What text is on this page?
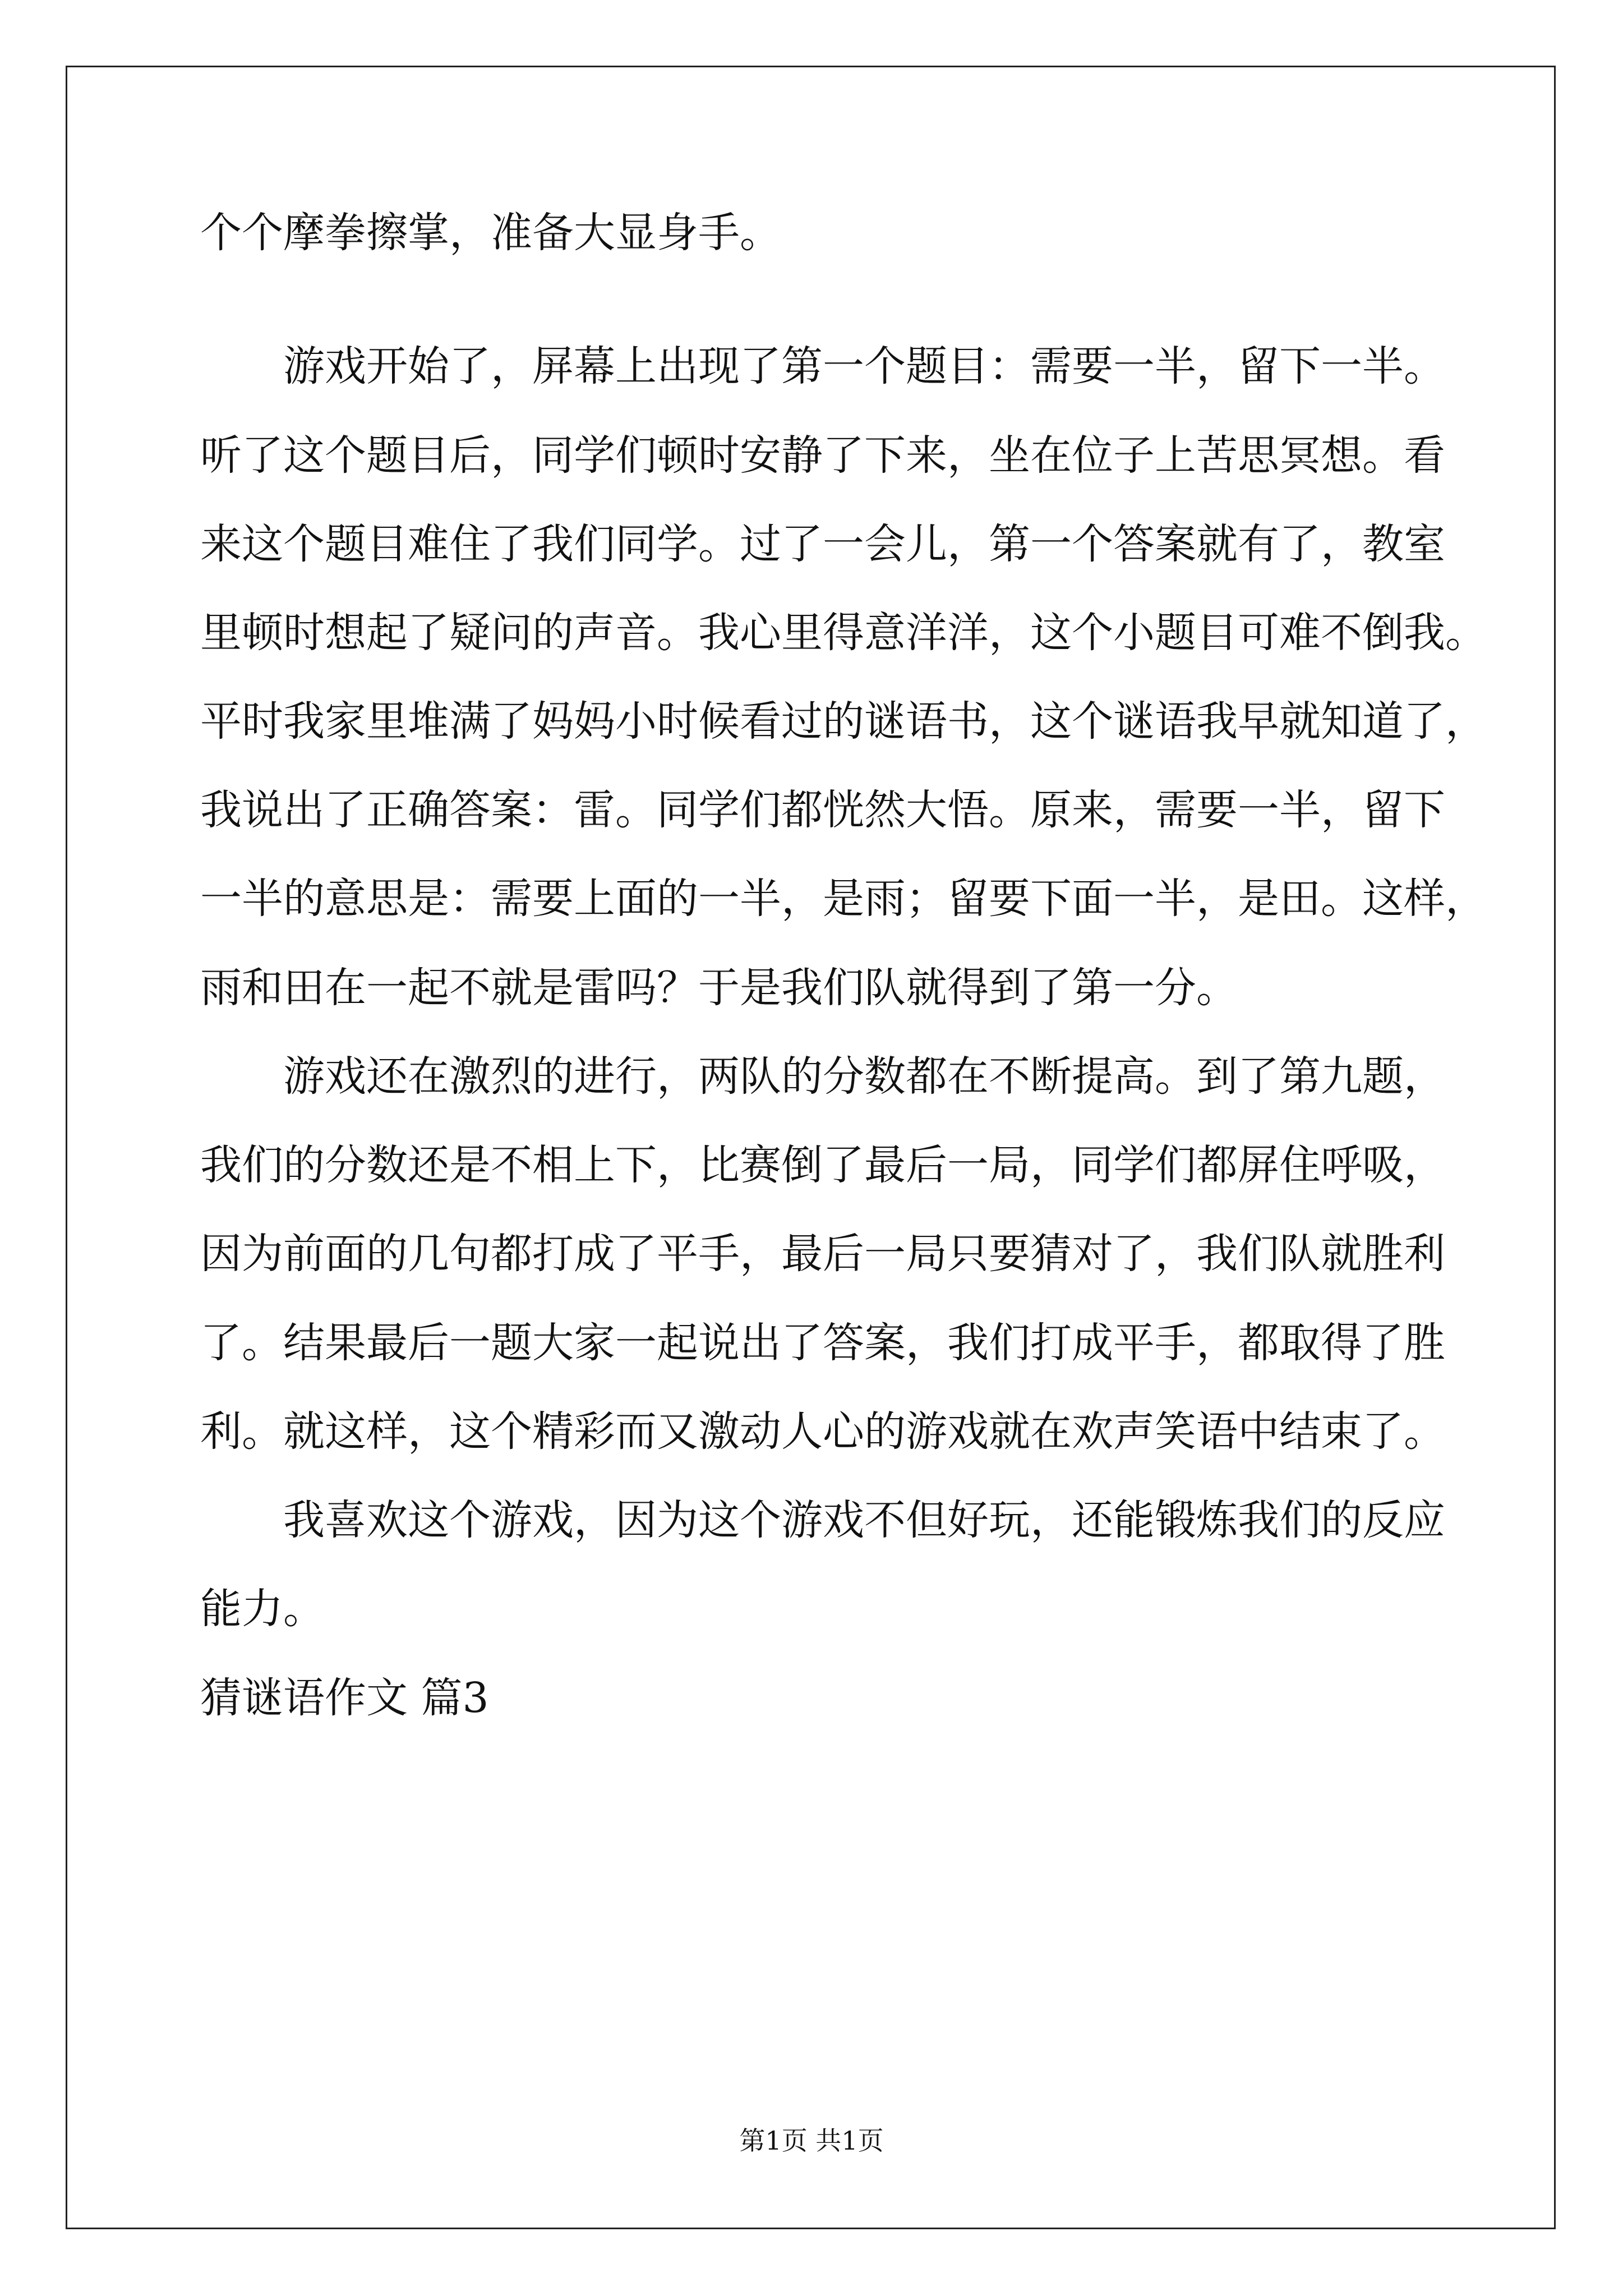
个个摩拳擦掌，准备大显身手。
游戏开始了，屏幕上出现了第一个题目：需要一半，留下一半。
听了这个题目后，同学们顿时安静了下来，坐在位子上苦思冥想。看
来这个题目难住了我们同学。过了一会儿，第一个答案就有了，教室
里顿时想起了疑问的声音。我心里得意洋洋，这个小题目可难不倒我。
平时我家里堆满了妈妈小时候看过的谜语书，这个谜语我早就知道了，
我说出了正确答案：雷。同学们都恍然大悟。原来，需要一半，留下
一半的意思是：需要上面的一半，是雨；留要下面一半，是田。这样，
雨和田在一起不就是雷吗？于是我们队就得到了第一分。
游戏还在激烈的进行，两队的分数都在不断提高。到了第九题，
我们的分数还是不相上下，比赛倒了最后一局，同学们都屏住呼吸，
因为前面的几句都打成了平手，最后一局只要猜对了，我们队就胜利
了。结果最后一题大家一起说出了答案，我们打成平手，都取得了胜
利。就这样，这个精彩而又激动人心的游戏就在欢声笑语中结束了。
我喜欢这个游戏，因为这个游戏不但好玩，还能锻炼我们的反应
能力。
猜谜语作文 篇3
第1页 共1页
